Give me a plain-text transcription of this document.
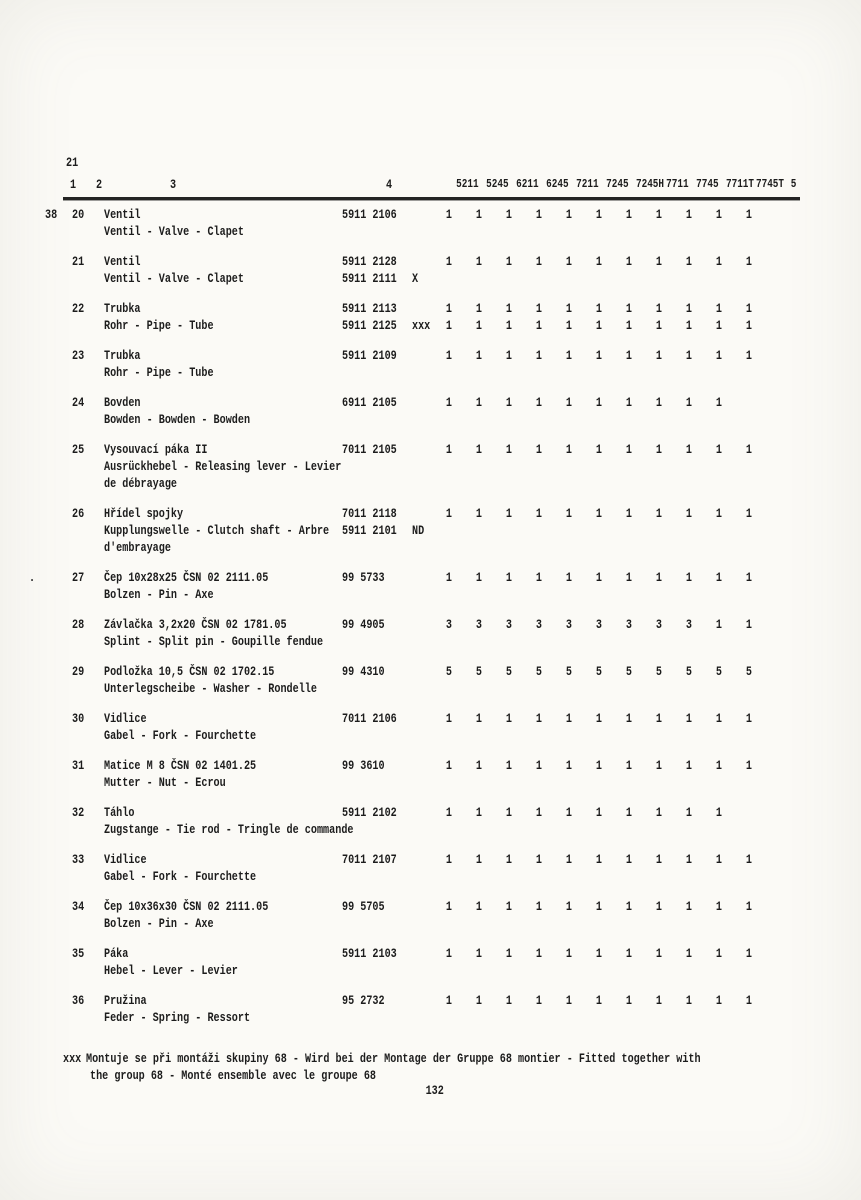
21
1 2	3	4	5211 5245 6211 6245 7211 7245 7245H 7711 7745 7711T 7745T 5
38	20	Ventil	5911 2106	1	1	1	1	1	1	1	1	1	1	1
Ventil - Valve - Clapet
21	Ventil	5911 2128	1	1	1	1	1	1	1	1	1	1	1
Ventil - Valve - Clapet	5911 2111	X
22	Trubka	5911 2113	1	1	1	1	1	1	1	1	1	1	1
Rohr - Pipe - Tube	5911 2125	xxx	1	1	1	1	1	1	1	1	1	1	1
23	Trubka	5911 2109	1	1	1	1	1	1	1	1	1	1	1
Rohr - Pipe - Tube
24	Bovden	6911 2105	1	1	1	1	1	1	1	1	1	1
Bowden - Bowden - Bowden
25	Vysouvací páka II	7011 2105	1	1	1	1	1	1	1	1	1	1	1
Ausrückhebel - Releasing lever - Levier
de débrayage
26	Hřídel spojky	7011 2118	1	1	1	1	1	1	1	1	1	1	1
Kupplungswelle - Clutch shaft - Arbre 5911 2101	ND
d'embrayage
.	27	Čep 10x28x25 ČSN 02 2111.05	99 5733	1	1	1	1	1	1	1	1	1	1	1
Bolzen - Pin - Axe
28	Závlačka 3,2x20 ČSN 02 1781.05	99 4905	3	3	3	3	3	3	3	3	3	1	1
Splint - Split pin - Goupille fendue
29	Podložka 10,5 ČSN 02 1702.15	99 4310	5	5	5	5	5	5	5	5	5	5	5
Unterlegscheibe - Washer - Rondelle
30	Vidlice	7011 2106	1	1	1	1	1	1	1	1	1	1	1
Gabel - Fork - Fourchette
31	Matice M 8 ČSN 02 1401.25	99 3610	1	1	1	1	1	1	1	1	1	1	1
Mutter - Nut - Ecrou
32	Táhlo	5911 2102	1	1	1	1	1	1	1	1	1	1
Zugstange - Tie rod - Tringle de commande
33	Vidlice	7011 2107	1	1	1	1	1	1	1	1	1	1	1
Gabel - Fork - Fourchette
34	Čep 10x36x30 ČSN 02 2111.05	99 5705	1	1	1	1	1	1	1	1	1	1	1
Bolzen - Pin - Axe
35	Páka	5911 2103	1	1	1	1	1	1	1	1	1	1	1
Hebel - Lever - Levier
36	Pružina	95 2732	1	1	1	1	1	1	1	1	1	1	1
Feder - Spring - Ressort
xxx Montuje se při montáži skupiny 68 - Wird bei der Montage der Gruppe 68 montier - Fitted together with
the group 68 - Monté ensemble avec le groupe 68
132
